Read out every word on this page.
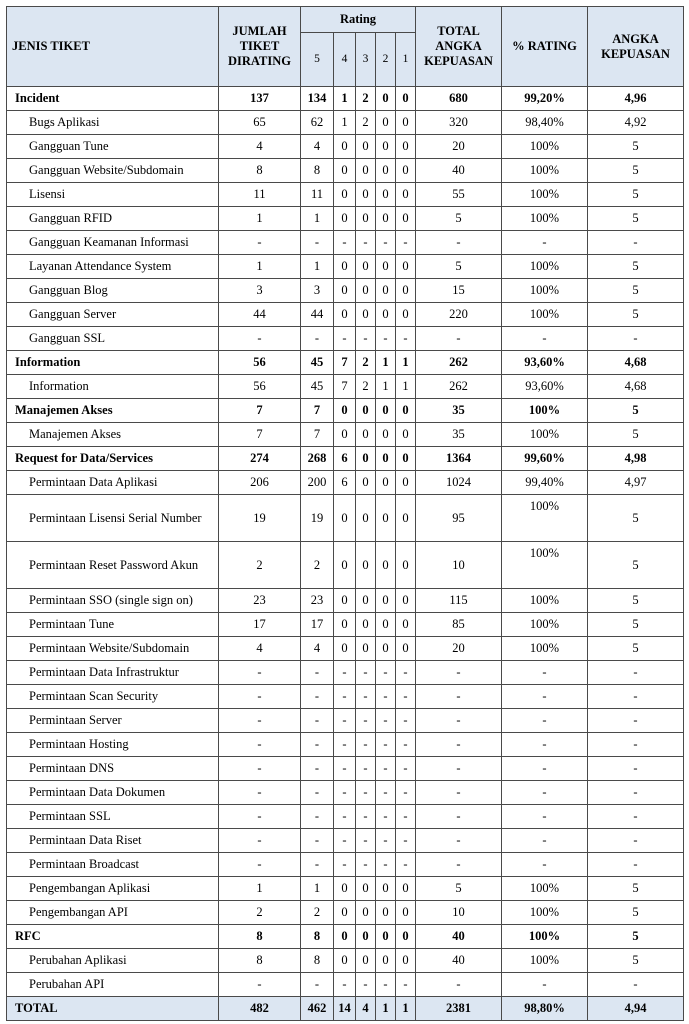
JENIS TIKET	JUMLAH TIKET DIRATING	Rating					TOTAL ANGKA KEPUASAN	% RATING	ANGKA KEPUASAN
		5	4	3	2	1			
Incident	137	134	1	2	0	0	680	99,20%	4,96
Bugs Aplikasi	65	62	1	2	0	0	320	98,40%	4,92
Gangguan Tune	4	4	0	0	0	0	20	100%	5
Gangguan Website/Subdomain	8	8	0	0	0	0	40	100%	5
Lisensi	11	11	0	0	0	0	55	100%	5
Gangguan RFID	1	1	0	0	0	0	5	100%	5
Gangguan Keamanan Informasi	-	-	-	-	-	-	-	-	-
Layanan Attendance System	1	1	0	0	0	0	5	100%	5
Gangguan Blog	3	3	0	0	0	0	15	100%	5
Gangguan Server	44	44	0	0	0	0	220	100%	5
Gangguan SSL	-	-	-	-	-	-	-	-	-
Information	56	45	7	2	1	1	262	93,60%	4,68
Information	56	45	7	2	1	1	262	93,60%	4,68
Manajemen Akses	7	7	0	0	0	0	35	100%	5
Manajemen Akses	7	7	0	0	0	0	35	100%	5
Request for Data/Services	274	268	6	0	0	0	1364	99,60%	4,98
Permintaan Data Aplikasi	206	200	6	0	0	0	1024	99,40%	4,97
Permintaan Lisensi Serial Number	19	19	0	0	0	0	95	100%	5
Permintaan Reset Password Akun	2	2	0	0	0	0	10	100%	5
Permintaan SSO (single sign on)	23	23	0	0	0	0	115	100%	5
Permintaan Tune	17	17	0	0	0	0	85	100%	5
Permintaan Website/Subdomain	4	4	0	0	0	0	20	100%	5
Permintaan Data Infrastruktur	-	-	-	-	-	-	-	-	-
Permintaan Scan Security	-	-	-	-	-	-	-	-	-
Permintaan Server	-	-	-	-	-	-	-	-	-
Permintaan Hosting	-	-	-	-	-	-	-	-	-
Permintaan DNS	-	-	-	-	-	-	-	-	-
Permintaan Data Dokumen	-	-	-	-	-	-	-	-	-
Permintaan SSL	-	-	-	-	-	-	-	-	-
Permintaan Data Riset	-	-	-	-	-	-	-	-	-
Permintaan Broadcast	-	-	-	-	-	-	-	-	-
Pengembangan Aplikasi	1	1	0	0	0	0	5	100%	5
Pengembangan API	2	2	0	0	0	0	10	100%	5
RFC	8	8	0	0	0	0	40	100%	5
Perubahan Aplikasi	8	8	0	0	0	0	40	100%	5
Perubahan API	-	-	-	-	-	-	-	-	-
TOTAL	482	462	14	4	1	1	2381	98,80%	4,94
